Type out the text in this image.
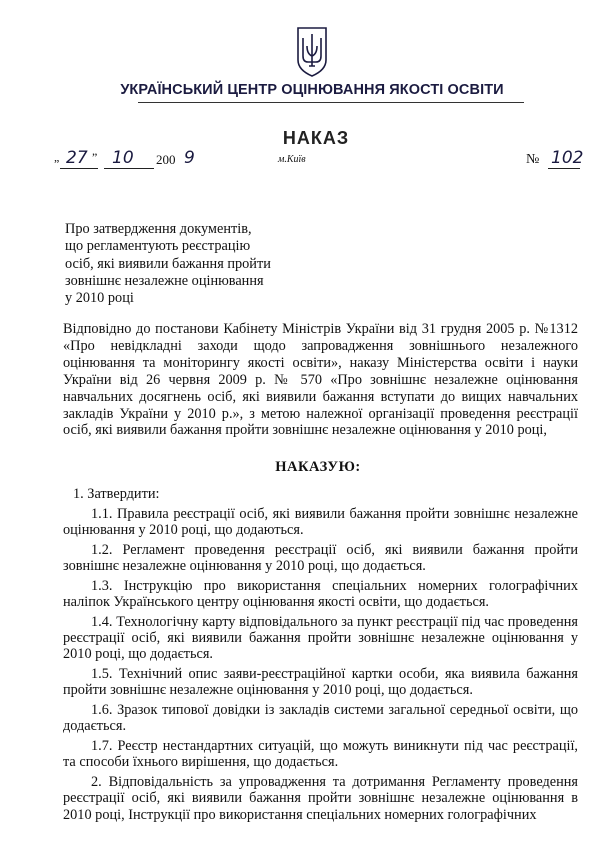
УКРАЇНСЬКИЙ ЦЕНТР ОЦІНЮВАННЯ ЯКОСТІ ОСВІТИ
НАКАЗ
„ 27 ” 10 200 9	м.Київ	№ 102
Про затвердження документів,
що регламентують реєстрацію
осіб, які виявили бажання пройти
зовнішнє незалежне оцінювання
у 2010 році

Відповідно до постанови Кабінету Міністрів України від 31 грудня 2005 р. №1312 «Про невідкладні заходи щодо запровадження зовнішнього незалежного оцінювання та моніторингу якості освіти», наказу Міністерства освіти і науки України від 26 червня 2009 р. № 570 «Про зовнішнє незалежне оцінювання навчальних досягнень осіб, які виявили бажання вступати до вищих навчальних закладів України у 2010 р.», з метою належної організації проведення реєстрації осіб, які виявили бажання пройти зовнішнє незалежне оцінювання у 2010 році,

НАКАЗУЮ:

1. Затвердити:

1.1. Правила реєстрації осіб, які виявили бажання пройти зовнішнє незалежне оцінювання у 2010 році, що додаються.

1.2. Регламент проведення реєстрації осіб, які виявили бажання пройти зовнішнє незалежне оцінювання у 2010 році, що додається.

1.3. Інструкцію про використання спеціальних номерних голографічних наліпок Українського центру оцінювання якості освіти, що додається.

1.4. Технологічну карту відповідального за пункт реєстрації під час проведення реєстрації осіб, які виявили бажання пройти зовнішнє незалежне оцінювання у 2010 році, що додається.

1.5. Технічний опис заяви-реєстраційної картки особи, яка виявила бажання пройти зовнішнє незалежне оцінювання у 2010 році, що додається.

1.6. Зразок типової довідки із закладів системи загальної середньої освіти, що додається.

1.7. Реєстр нестандартних ситуацій, що можуть виникнути під час реєстрації, та способи їхнього вирішення, що додається.

2. Відповідальність за упровадження та дотримання Регламенту проведення реєстрації осіб, які виявили бажання пройти зовнішнє незалежне оцінювання в 2010 році, Інструкції про використання спеціальних номерних голографічних
